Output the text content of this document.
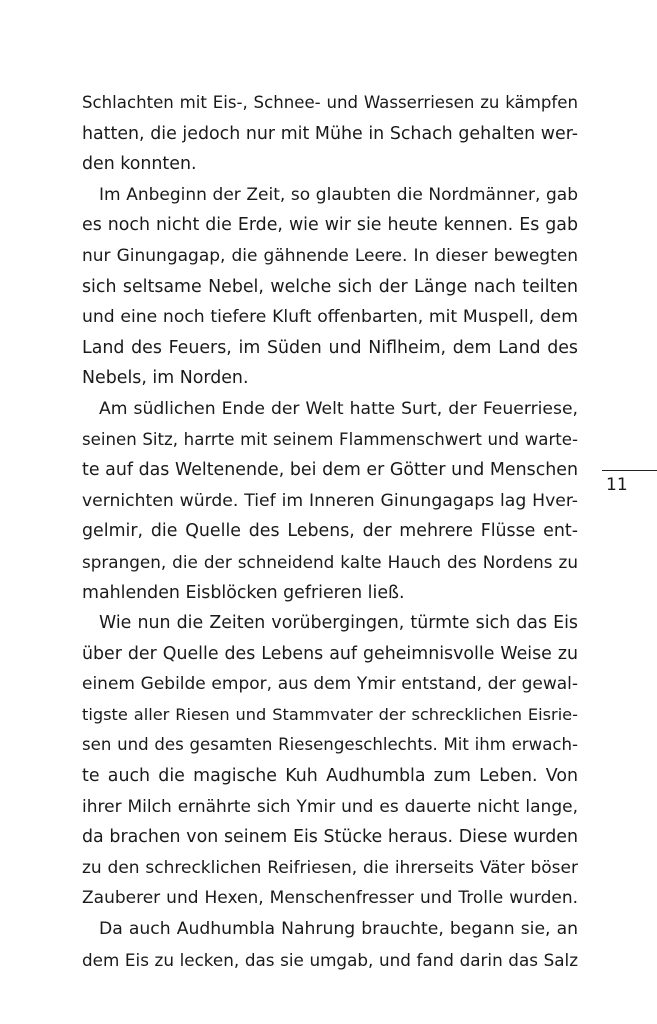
Schlachten mit Eis-, Schnee- und Wasserriesen zu kämpfen
hatten, die jedoch nur mit Mühe in Schach gehalten wer-
den konnten.
Im Anbeginn der Zeit, so glaubten die Nordmänner, gab
es noch nicht die Erde, wie wir sie heute kennen. Es gab
nur Ginungagap, die gähnende Leere. In dieser bewegten
sich seltsame Nebel, welche sich der Länge nach teilten
und eine noch tiefere Kluft offenbarten, mit Muspell, dem
Land des Feuers, im Süden und Niflheim, dem Land des
Nebels, im Norden.
Am südlichen Ende der Welt hatte Surt, der Feuerriese,
seinen Sitz, harrte mit seinem Flammenschwert und warte-
te auf das Weltenende, bei dem er Götter und Menschen
vernichten würde. Tief im Inneren Ginungagaps lag Hver-
gelmir, die Quelle des Lebens, der mehrere Flüsse ent-
sprangen, die der schneidend kalte Hauch des Nordens zu
mahlenden Eisblöcken gefrieren ließ.
Wie nun die Zeiten vorübergingen, türmte sich das Eis
über der Quelle des Lebens auf geheimnisvolle Weise zu
einem Gebilde empor, aus dem Ymir entstand, der gewal-
tigste aller Riesen und Stammvater der schrecklichen Eisrie-
sen und des gesamten Riesengeschlechts. Mit ihm erwach-
te auch die magische Kuh Audhumbla zum Leben. Von
ihrer Milch ernährte sich Ymir und es dauerte nicht lange,
da brachen von seinem Eis Stücke heraus. Diese wurden
zu den schrecklichen Reifriesen, die ihrerseits Väter böser
Zauberer und Hexen, Menschenfresser und Trolle wurden.
Da auch Audhumbla Nahrung brauchte, begann sie, an
dem Eis zu lecken, das sie umgab, und fand darin das Salz
11
